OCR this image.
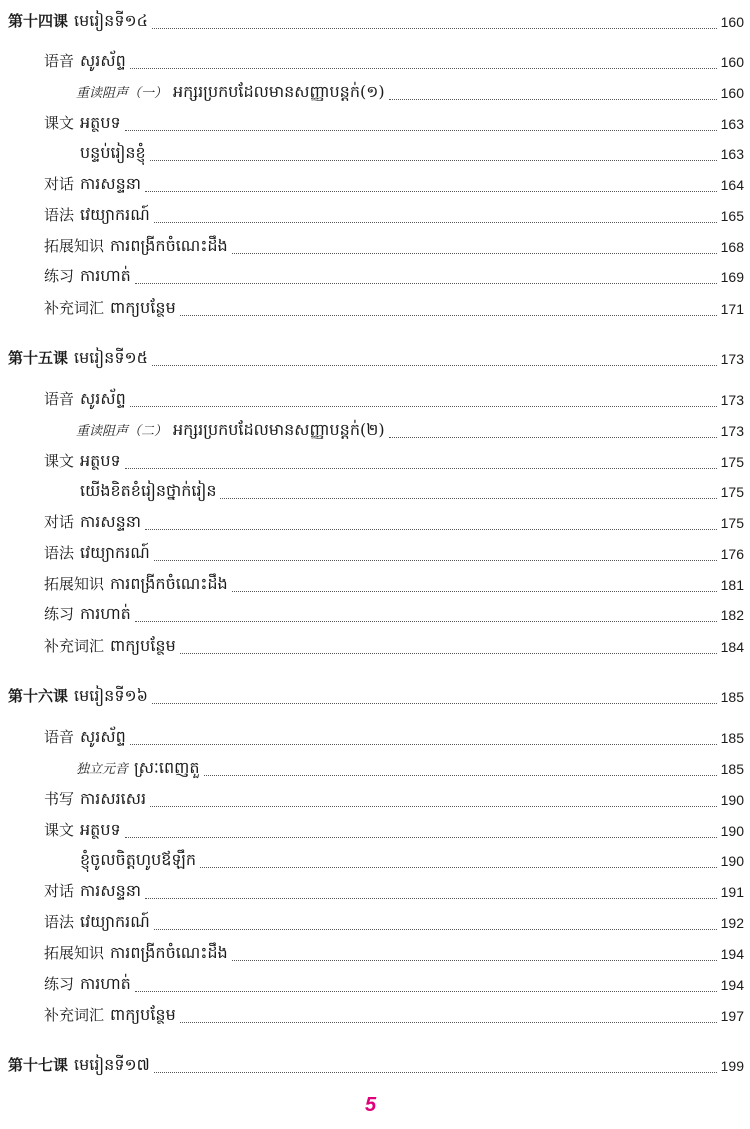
第十四课 មេរៀនទី១៤	160
语音 សូរស័ព្ទ	160
重读阻声（一） អក្សរប្រកបដែលមានសញ្ញាបន្តក់(១)	160
课文 អត្ថបទ	163
បន្ទប់រៀនខ្ញុំ	163
对话 ការសន្ទនា	164
语法 វេយ្យាករណ៍	165
拓展知识 ការពង្រីកចំណេះដឹង	168
练习 ការហាត់	169
补充词汇 ពាក្យបន្ថែម	171
第十五课 មេរៀនទី១៥	173
语音 សូរស័ព្ទ	173
重读阻声（二） អក្សរប្រកបដែលមានសញ្ញាបន្តក់(២)	173
课文 អត្ថបទ	175
យើងខិតខំរៀនថ្នាក់រៀន	175
对话 ការសន្ទនា	175
语法 វេយ្យាករណ៍	176
拓展知识 ការពង្រីកចំណេះដឹង	181
练习 ការហាត់	182
补充词汇 ពាក្យបន្ថែម	184
第十六课 មេរៀនទី១៦	185
语音 សូរស័ព្ទ	185
独立元音 ស្រៈពេញតួ	185
书写 ការសរសេរ	190
课文 អត្ថបទ	190
ខ្ញុំចូលចិត្តហូបឪឡឹក	190
对话 ការសន្ទនា	191
语法 វេយ្យាករណ៍	192
拓展知识 ការពង្រីកចំណេះដឹង	194
练习 ការហាត់	194
补充词汇 ពាក្យបន្ថែម	197
第十七课 មេរៀនទី១៧	199
5
